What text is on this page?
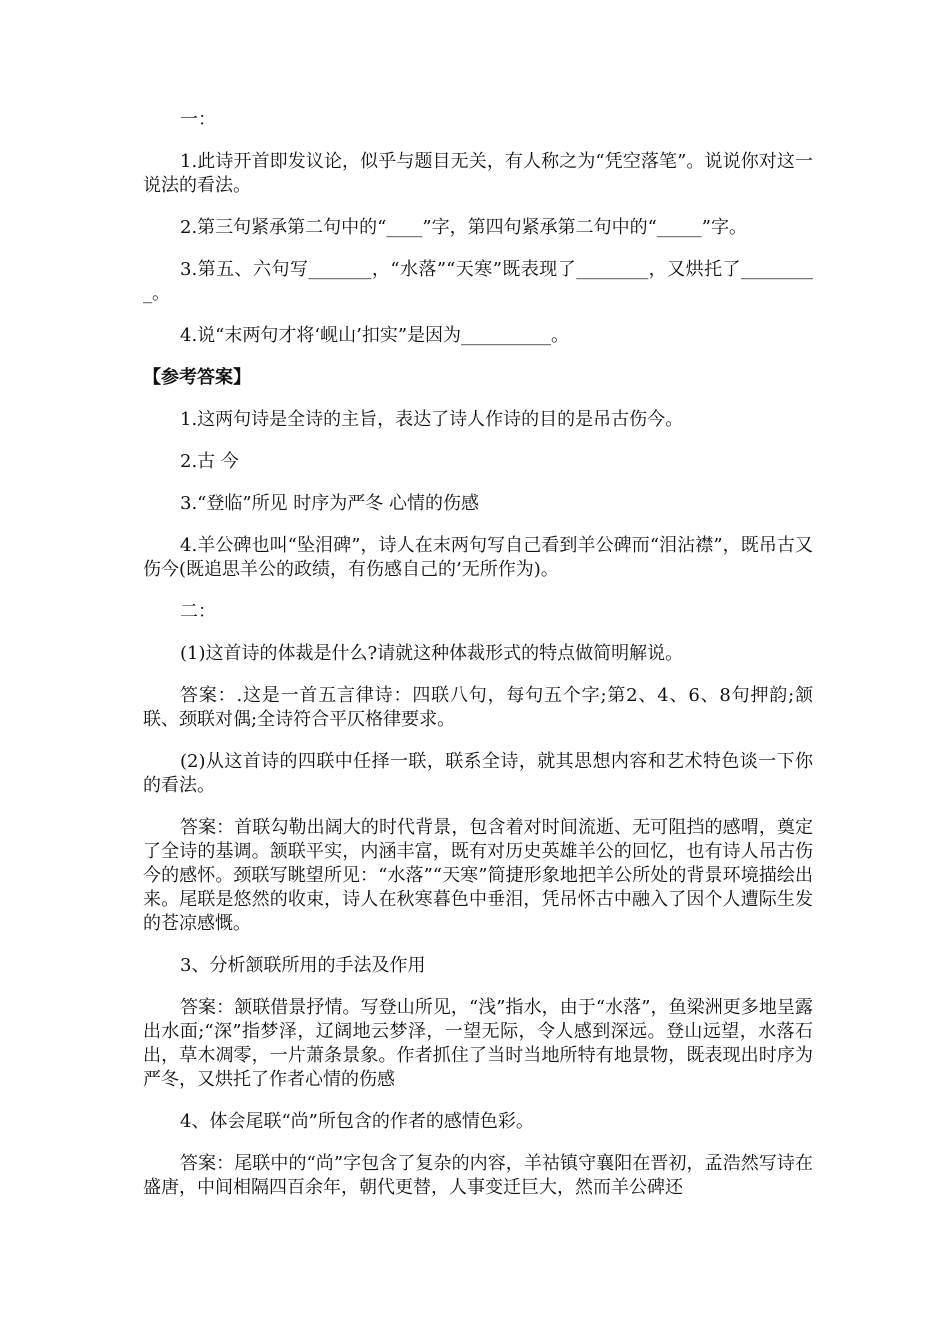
一：

1.此诗开首即发议论，似乎与题目无关，有人称之为“凭空落笔”。说说你对这一说法的看法。

2.第三句紧承第二句中的“____”字，第四句紧承第二句中的“_____”字。

3.第五、六句写_______，“水落”“天寒”既表现了________，又烘托了_________。

4.说“末两句才将‘岘山’扣实”是因为__________。

【参考答案】

1.这两句诗是全诗的主旨，表达了诗人作诗的目的是吊古伤今。

2.古 今

3.“登临”所见 时序为严冬 心情的伤感

4.羊公碑也叫“坠泪碑”，诗人在末两句写自己看到羊公碑而“泪沾襟”，既吊古又伤今(既追思羊公的政绩，有伤感自己的’无所作为)。

二：

(1)这首诗的体裁是什么?请就这种体裁形式的特点做简明解说。

答案：.这是一首五言律诗：四联八句，每句五个字;第2、4、6、8句押韵;颔联、颈联对偶;全诗符合平仄格律要求。

(2)从这首诗的四联中任择一联，联系全诗，就其思想内容和艺术特色谈一下你的看法。

答案：首联勾勒出阔大的时代背景，包含着对时间流逝、无可阻挡的感喟，奠定了全诗的基调。颔联平实，内涵丰富，既有对历史英雄羊公的回忆，也有诗人吊古伤今的感怀。颈联写眺望所见：“水落”“天寒”简捷形象地把羊公所处的背景环境描绘出来。尾联是悠然的收束，诗人在秋寒暮色中垂泪，凭吊怀古中融入了因个人遭际生发的苍凉感慨。

3、分析颔联所用的手法及作用

答案：颔联借景抒情。写登山所见，“浅”指水，由于“水落”，鱼梁洲更多地呈露出水面;“深”指梦泽，辽阔地云梦泽，一望无际，令人感到深远。登山远望，水落石出，草木凋零，一片萧条景象。作者抓住了当时当地所特有地景物，既表现出时序为严冬，又烘托了作者心情的伤感

4、体会尾联“尚”所包含的作者的感情色彩。

答案：尾联中的“尚”字包含了复杂的内容，羊祜镇守襄阳在晋初，孟浩然写诗在盛唐，中间相隔四百余年，朝代更替，人事变迁巨大，然而羊公碑还
